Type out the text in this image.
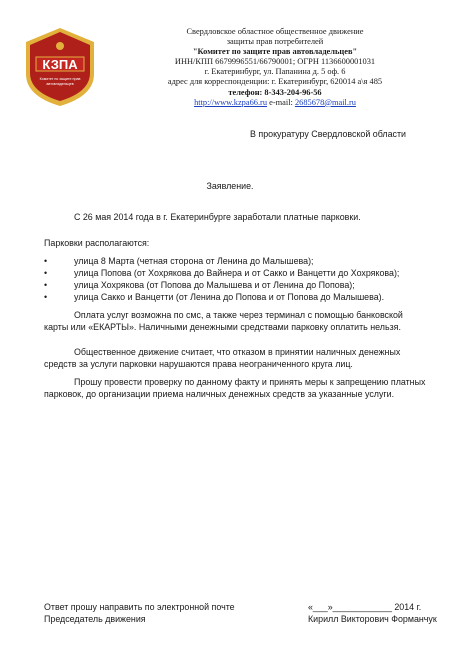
КЗПА
Комитет по защите прав
автовладельцев
Свердловское областное общественное движение
защиты прав потребителей
"Комитет по защите прав автовладельцев"
ИНН/КПП 6679996551/66790001; ОГРН 1136600001031
г. Екатеринбург, ул. Папанина д. 5 оф. 6
адрес для корреспонденции: г. Екатеринбург, 620014 а\я 485
телефон: 8-343-204-96-56
http://www.kzpa66.ru e-mail: 2685678@mail.ru
В прокуратуру Свердловской области
Заявление.
С 26 мая 2014 года в г. Екатеринбурге заработали платные парковки.
Парковки располагаются:
•	улица 8 Марта (четная сторона от Ленина до Малышева);
•	улица Попова (от Хохрякова до Вайнера и от Сакко и Ванцетти до Хохрякова);
•	улица Хохрякова (от Попова до Малышева и от Ленина до Попова);
•	улица Сакко и Ванцетти (от Ленина до Попова и от Попова до Малышева).
Оплата услуг возможна по смс, а также через терминал с помощью банковской
карты или «ЕКАРТЫ». Наличными денежными средствами парковку оплатить нельзя.
Общественное движение считает, что отказом в принятии наличных денежных
средств за услуги парковки нарушаются права неограниченного круга лиц.
Прошу провести проверку по данному факту и принять меры к запрещению платных
парковок, до организации приема наличных денежных средств за указанные услуги.
Ответ прошу направить по электронной почте
Председатель движения
«___»____________ 2014 г.
Кирилл Викторович Форманчук
